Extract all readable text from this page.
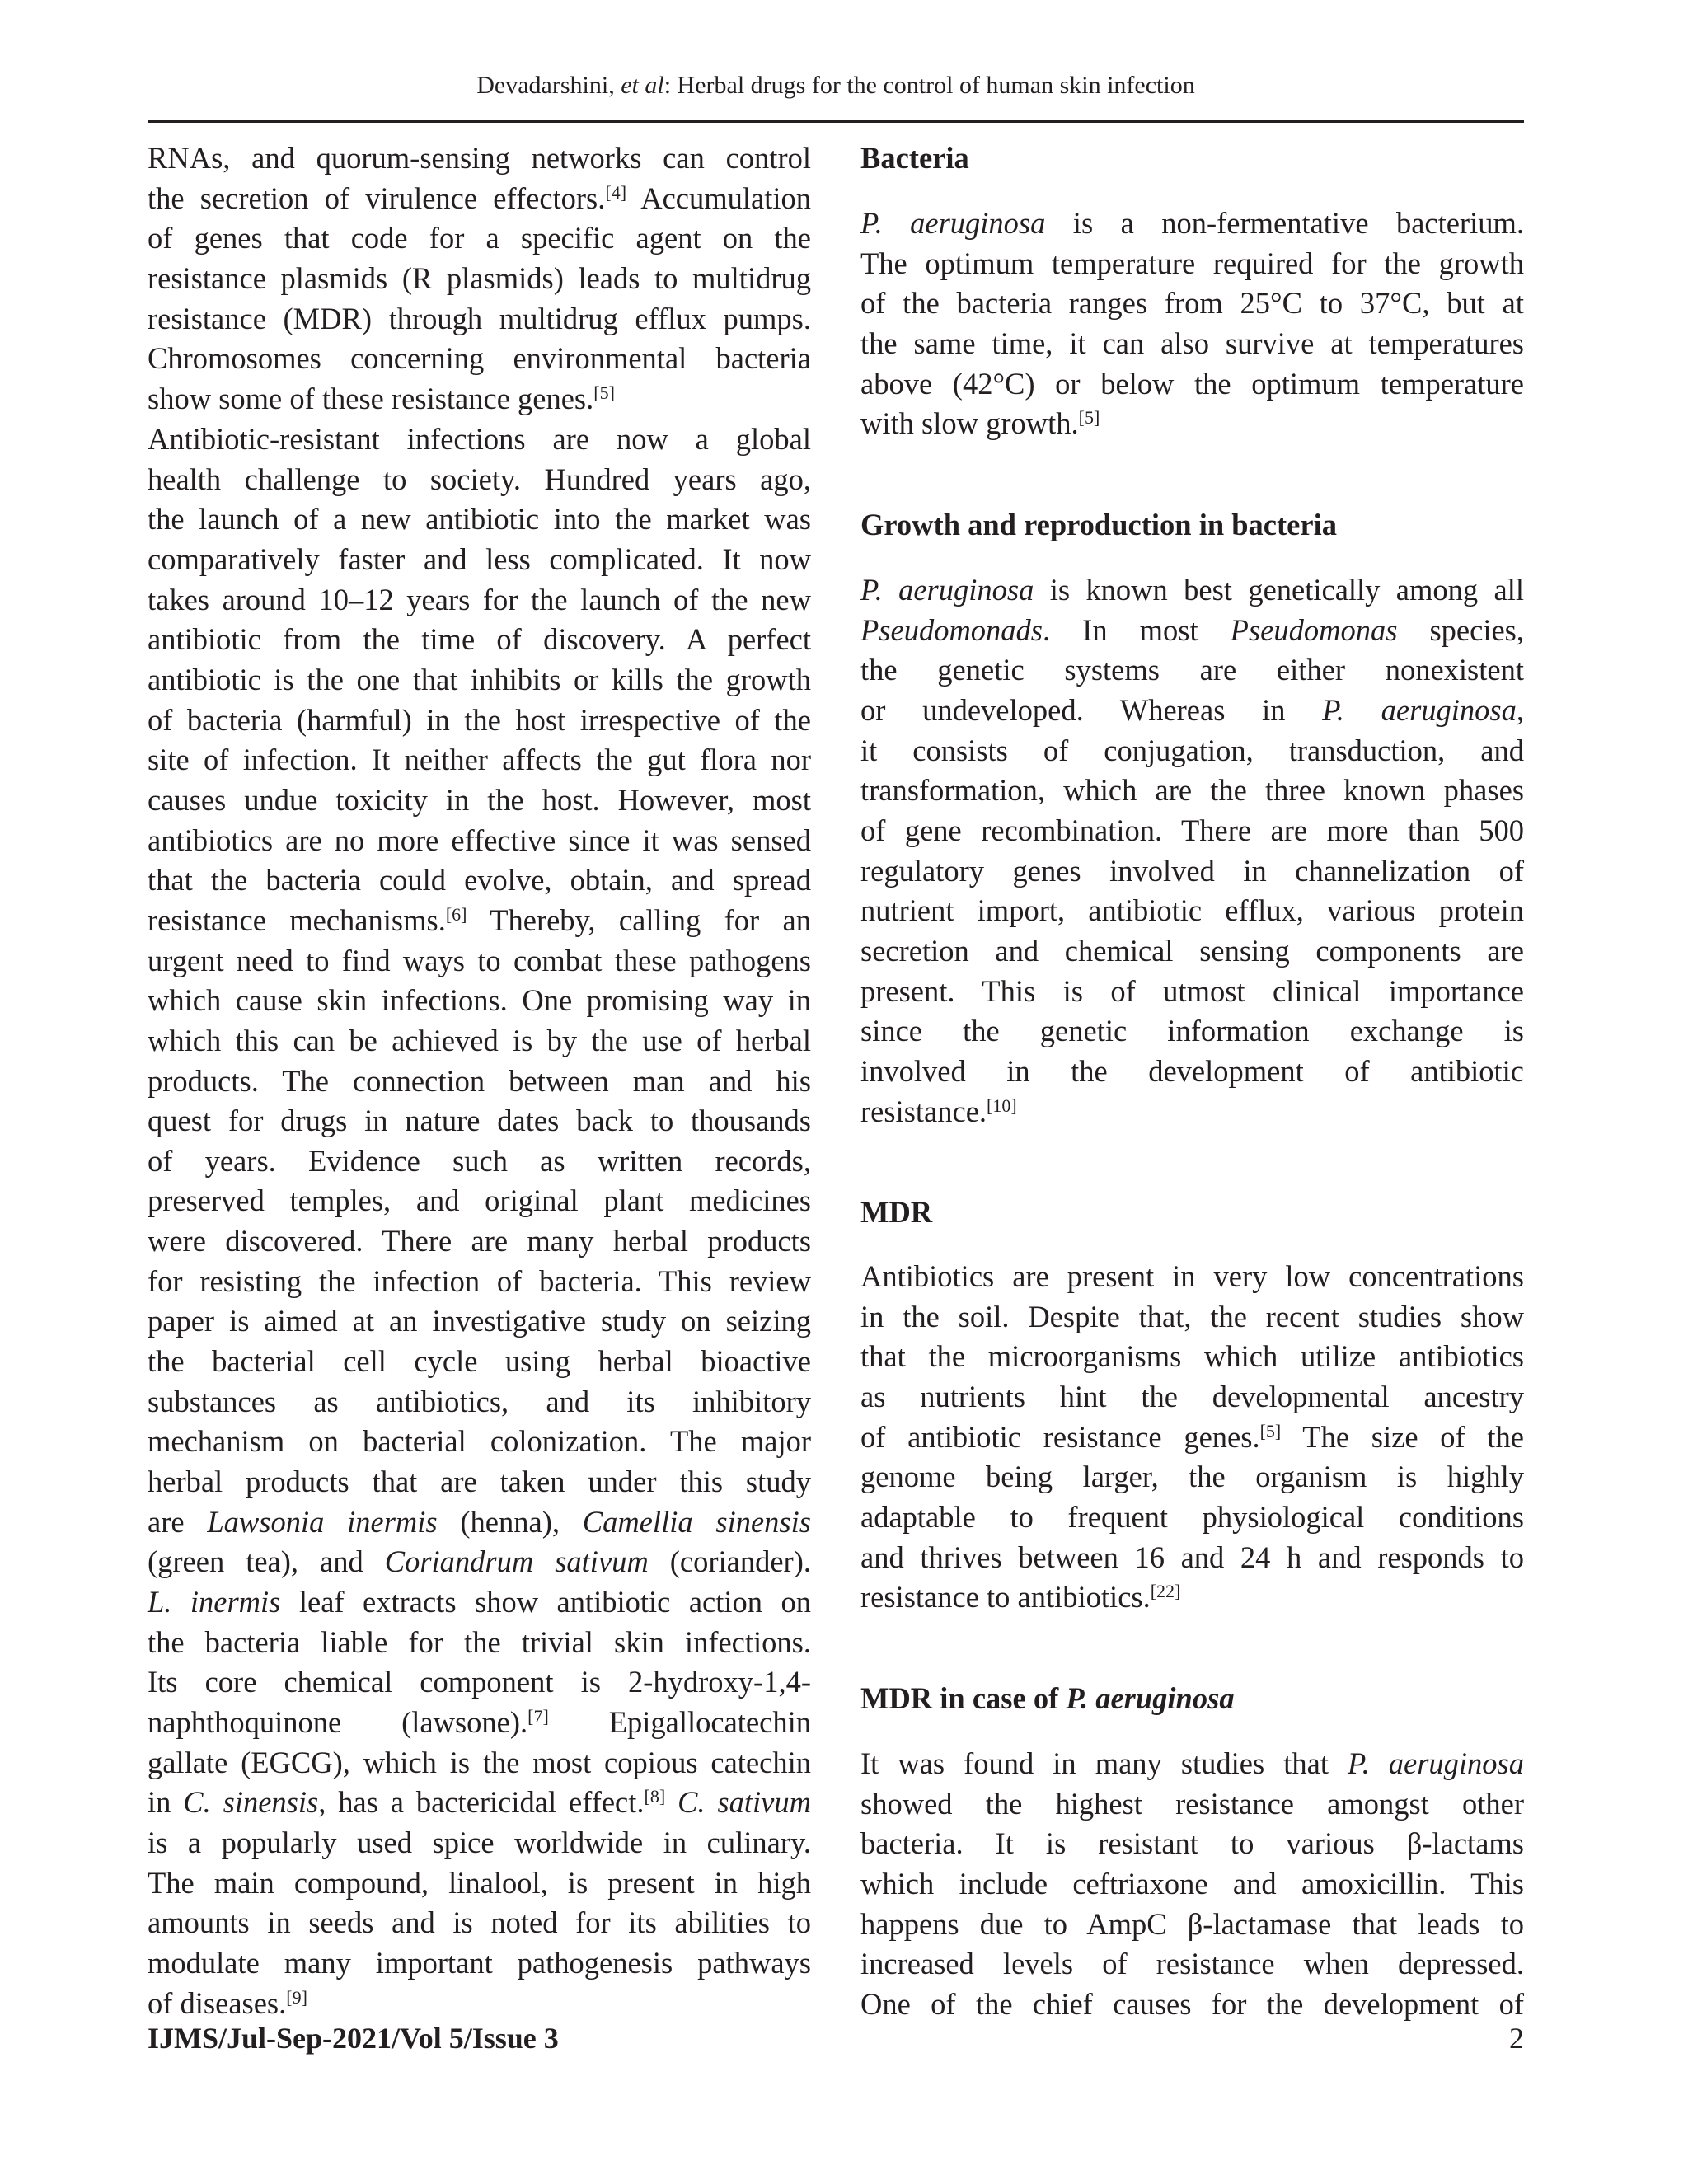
Devadarshini, et al: Herbal drugs for the control of human skin infection
RNAs, and quorum-sensing networks can control
the secretion of virulence effectors.[4] Accumulation
of genes that code for a specific agent on the
resistance plasmids (R plasmids) leads to multidrug
resistance (MDR) through multidrug efflux pumps.
Chromosomes concerning environmental bacteria
show some of these resistance genes.[5]
Antibiotic-resistant infections are now a global
health challenge to society. Hundred years ago,
the launch of a new antibiotic into the market was
comparatively faster and less complicated. It now
takes around 10–12 years for the launch of the new
antibiotic from the time of discovery. A perfect
antibiotic is the one that inhibits or kills the growth
of bacteria (harmful) in the host irrespective of the
site of infection. It neither affects the gut flora nor
causes undue toxicity in the host. However, most
antibiotics are no more effective since it was sensed
that the bacteria could evolve, obtain, and spread
resistance mechanisms.[6] Thereby, calling for an
urgent need to find ways to combat these pathogens
which cause skin infections. One promising way in
which this can be achieved is by the use of herbal
products. The connection between man and his
quest for drugs in nature dates back to thousands
of years. Evidence such as written records,
preserved temples, and original plant medicines
were discovered. There are many herbal products
for resisting the infection of bacteria. This review
paper is aimed at an investigative study on seizing
the bacterial cell cycle using herbal bioactive
substances as antibiotics, and its inhibitory
mechanism on bacterial colonization. The major
herbal products that are taken under this study
are Lawsonia inermis (henna), Camellia sinensis
(green tea), and Coriandrum sativum (coriander).
L. inermis leaf extracts show antibiotic action on
the bacteria liable for the trivial skin infections.
Its core chemical component is 2-hydroxy-1,4-
naphthoquinone (lawsone).[7] Epigallocatechin
gallate (EGCG), which is the most copious catechin
in C. sinensis, has a bactericidal effect.[8] C. sativum
is a popularly used spice worldwide in culinary.
The main compound, linalool, is present in high
amounts in seeds and is noted for its abilities to
modulate many important pathogenesis pathways
of diseases.[9]
Bacteria
P. aeruginosa is a non-fermentative bacterium.
The optimum temperature required for the growth
of the bacteria ranges from 25°C to 37°C, but at
the same time, it can also survive at temperatures
above (42°C) or below the optimum temperature
with slow growth.[5]
Growth and reproduction in bacteria
P. aeruginosa is known best genetically among all
Pseudomonads. In most Pseudomonas species,
the genetic systems are either nonexistent
or undeveloped. Whereas in P. aeruginosa,
it consists of conjugation, transduction, and
transformation, which are the three known phases
of gene recombination. There are more than 500
regulatory genes involved in channelization of
nutrient import, antibiotic efflux, various protein
secretion and chemical sensing components are
present. This is of utmost clinical importance
since the genetic information exchange is
involved in the development of antibiotic
resistance.[10]
MDR
Antibiotics are present in very low concentrations
in the soil. Despite that, the recent studies show
that the microorganisms which utilize antibiotics
as nutrients hint the developmental ancestry
of antibiotic resistance genes.[5] The size of the
genome being larger, the organism is highly
adaptable to frequent physiological conditions
and thrives between 16 and 24 h and responds to
resistance to antibiotics.[22]
MDR in case of P. aeruginosa
It was found in many studies that P. aeruginosa
showed the highest resistance amongst other
bacteria. It is resistant to various β-lactams
which include ceftriaxone and amoxicillin. This
happens due to AmpC β-lactamase that leads to
increased levels of resistance when depressed.
One of the chief causes for the development of
IJMS/Jul-Sep-2021/Vol 5/Issue 3	2
